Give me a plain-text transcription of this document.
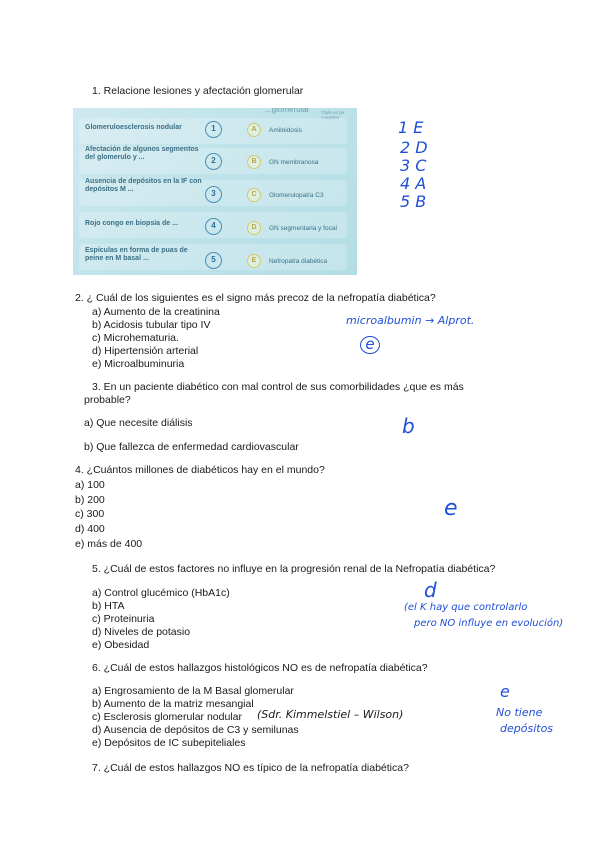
1. Relacione lesiones y afectación glomerular
...glomerular	Titule es pe completo
Glomeruloesclerosis nodular	1	A	Amiloidosis
Afectación de algunos segmentos del glomerulo y ...	2	B	GN membranosa
Ausencia de depósitos en la IF con depósitos M ...	3	C	Glomerulopatía C3
Rojo congo en biopsia de ...	4	D	GN segmentaria y focal
Espículas en forma de puas de peine en M basal ...	5	E	Nefropatía diabética
1 E
2 D
3 C
4 A
5 B
2. ¿ Cuál de los siguientes es el signo más precoz de la nefropatía diabética?
a) Aumento de la creatinina
b) Acidosis tubular tipo IV
c) Microhematuria.
d) Hipertensión arterial
e) Microalbuminuria
microalbumin → Alprot.
e
3. En un paciente diabético con mal control de sus comorbilidades ¿que es más
probable?
a) Que necesite diálisis
b) Que fallezca de enfermedad cardiovascular
b
4. ¿Cuántos millones de diabéticos hay en el mundo?
a) 100
b) 200
c) 300
d) 400
e) más de 400
e
5. ¿Cuál de estos factores no influye en la progresión renal de la Nefropatía diabética?
a) Control glucémico (HbA1c)
b) HTA
c) Proteinuria
d) Niveles de potasio
e) Obesidad
d
(el K hay que controlarlo
pero NO influye en evolución)
6. ¿Cuál de estos hallazgos histológicos NO es de nefropatía diabética?
a) Engrosamiento de la M Basal glomerular
b) Aumento de la matriz mesangial
c) Esclerosis glomerular nodular (Sdr. Kimmelstiel – Wilson)
d) Ausencia de depósitos de C3 y semilunas
e) Depósitos de IC subepiteliales
e
No tiene
depósitos
7. ¿Cuál de estos hallazgos NO es típico de la nefropatía diabética?
